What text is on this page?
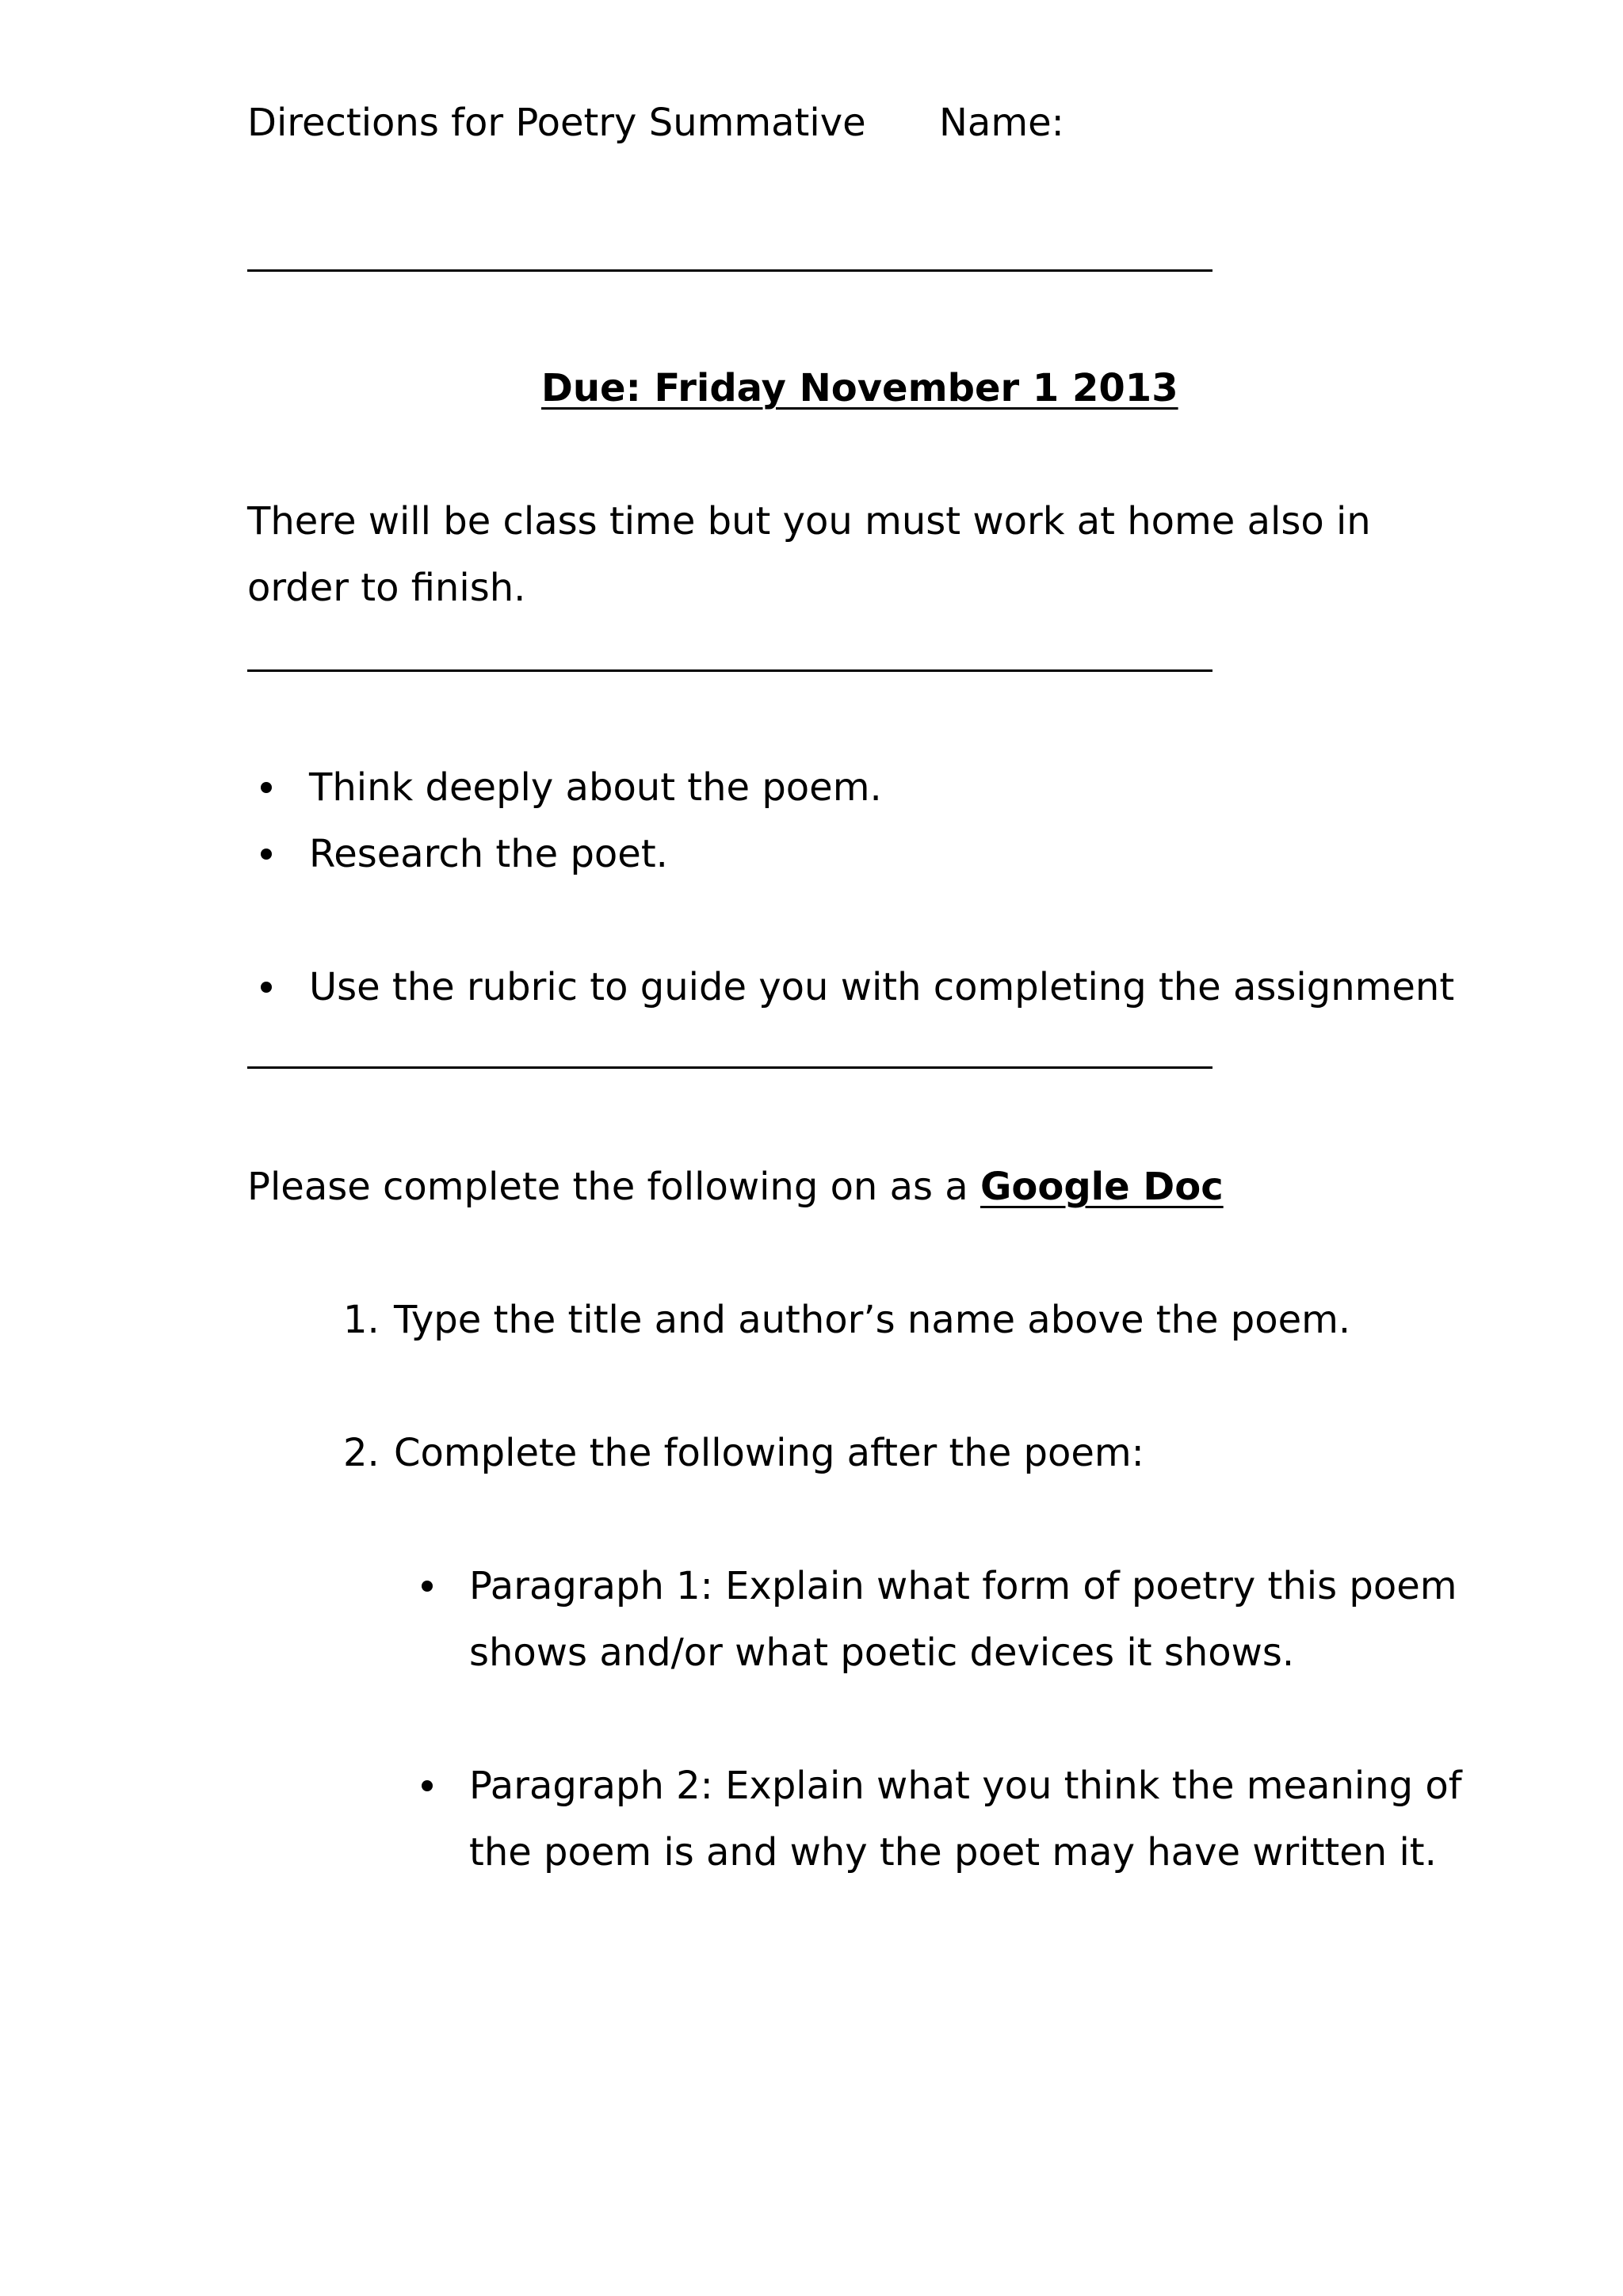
Directions for Poetry Summative Name:
Due: Friday November 1 2013
There will be class time but you must work at home also in
order to finish.
Think deeply about the poem.
Research the poet.
Use the rubric to guide you with completing the assignment
Please complete the following on as a Google Doc
1. Type the title and author’s name above the poem.
2. Complete the following after the poem:
Paragraph 1: Explain what form of poetry this poem
shows and/or what poetic devices it shows.
Paragraph 2: Explain what you think the meaning of
the poem is and why the poet may have written it.
